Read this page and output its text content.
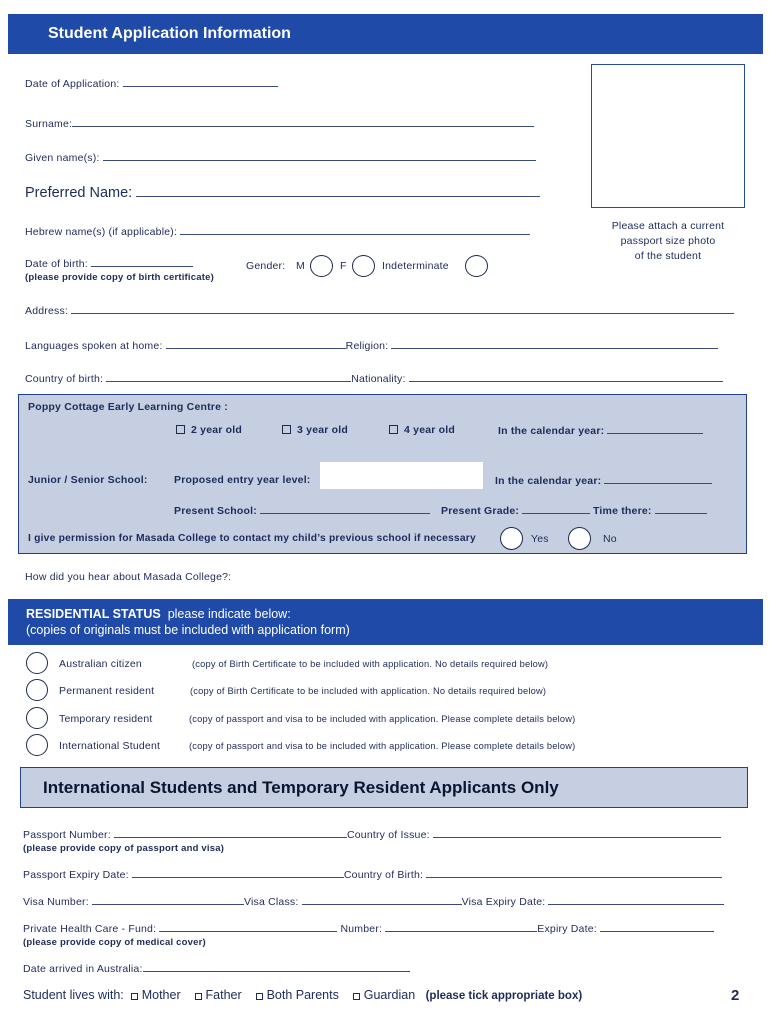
Student Application Information
Please attach a current
passport size photo
of the student
Date of Application:
Surname:
Given name(s):
Preferred Name:
Hebrew name(s) (if applicable):
Date of birth:
(please provide copy of birth certificate)
Gender: M	F	Indeterminate
Address:
Languages spoken at home:	Religion:
Country of birth:	Nationality:
Poppy Cottage Early Learning Centre :
2 year old	3 year old	4 year old	In the calendar year:
Junior / Senior School:	Proposed entry year level:	In the calendar year:
Present School:	Present Grade:	Time there:
I give permission for Masada College to contact my child’s previous school if necessary	Yes	No
How did you hear about Masada College?:
RESIDENTIAL STATUS please indicate below:
(copies of originals must be included with application form)
Australian citizen	(copy of Birth Certificate to be included with application. No details required below)
Permanent resident	(copy of Birth Certificate to be included with application. No details required below)
Temporary resident	(copy of passport and visa to be included with application. Please complete details below)
International Student	(copy of passport and visa to be included with application. Please complete details below)
International Students and Temporary Resident Applicants Only
Passport Number:	Country of Issue:
(please provide copy of passport and visa)
Passport Expiry Date:	Country of Birth:
Visa Number:	Visa Class:	Visa Expiry Date:
Private Health Care - Fund:	Number:	Expiry Date:
(please provide copy of medical cover)
Date arrived in Australia:
Student lives with: Mother Father Both Parents Guardian (please tick appropriate box)	2
